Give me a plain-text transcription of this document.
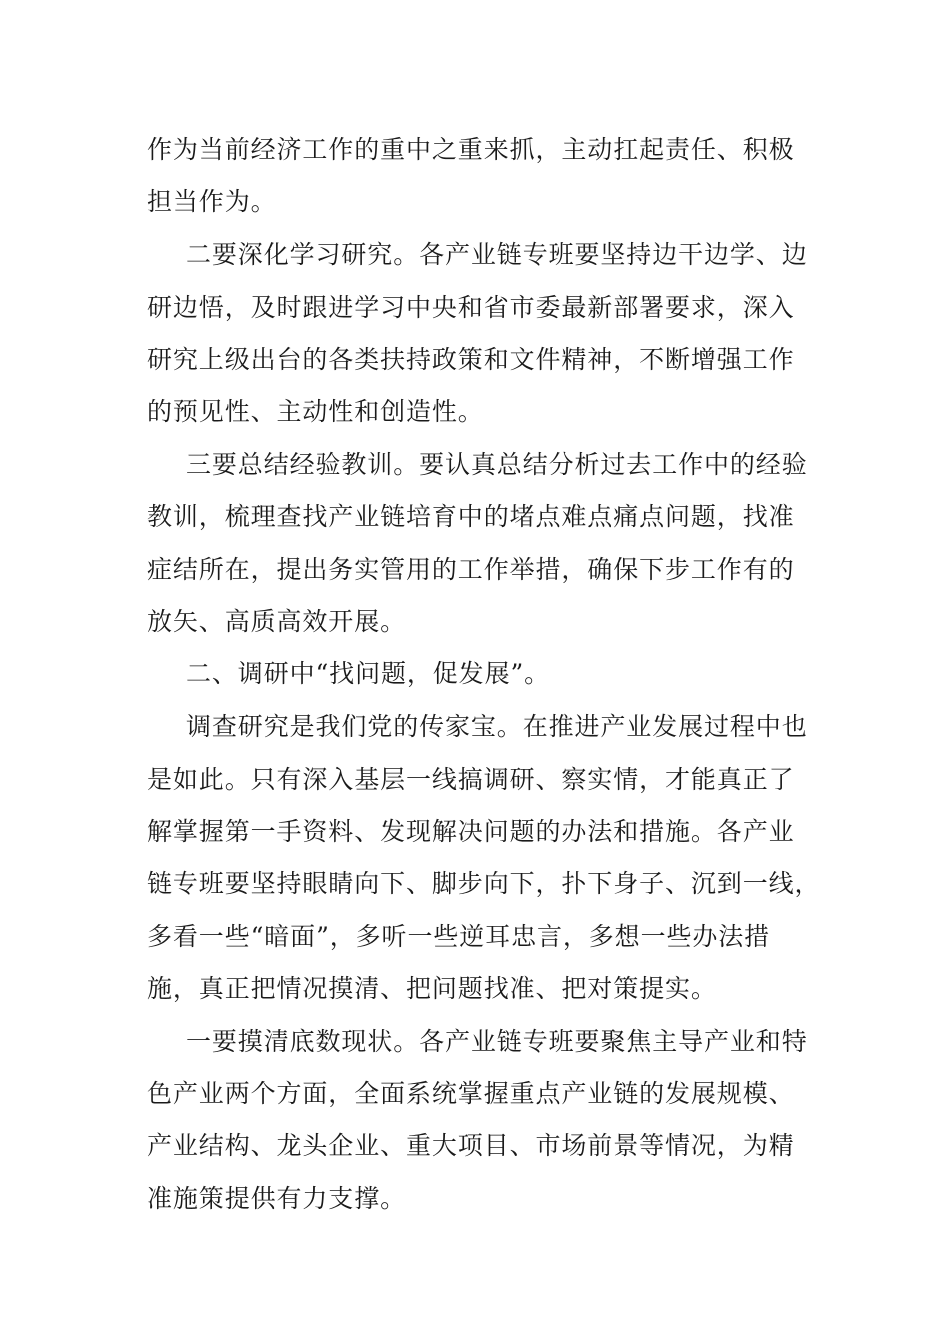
作为当前经济工作的重中之重来抓，主动扛起责任、积极
担当作为。
二要深化学习研究。各产业链专班要坚持边干边学、边
研边悟，及时跟进学习中央和省市委最新部署要求，深入
研究上级出台的各类扶持政策和文件精神，不断增强工作
的预见性、主动性和创造性。
三要总结经验教训。要认真总结分析过去工作中的经验
教训，梳理查找产业链培育中的堵点难点痛点问题，找准
症结所在，提出务实管用的工作举措，确保下步工作有的
放矢、高质高效开展。
二、调研中“找问题，促发展”。
调查研究是我们党的传家宝。在推进产业发展过程中也
是如此。只有深入基层一线搞调研、察实情，才能真正了
解掌握第一手资料、发现解决问题的办法和措施。各产业
链专班要坚持眼睛向下、脚步向下，扑下身子、沉到一线，
多看一些“暗面”，多听一些逆耳忠言，多想一些办法措
施，真正把情况摸清、把问题找准、把对策提实。
一要摸清底数现状。各产业链专班要聚焦主导产业和特
色产业两个方面，全面系统掌握重点产业链的发展规模、
产业结构、龙头企业、重大项目、市场前景等情况，为精
准施策提供有力支撑。
